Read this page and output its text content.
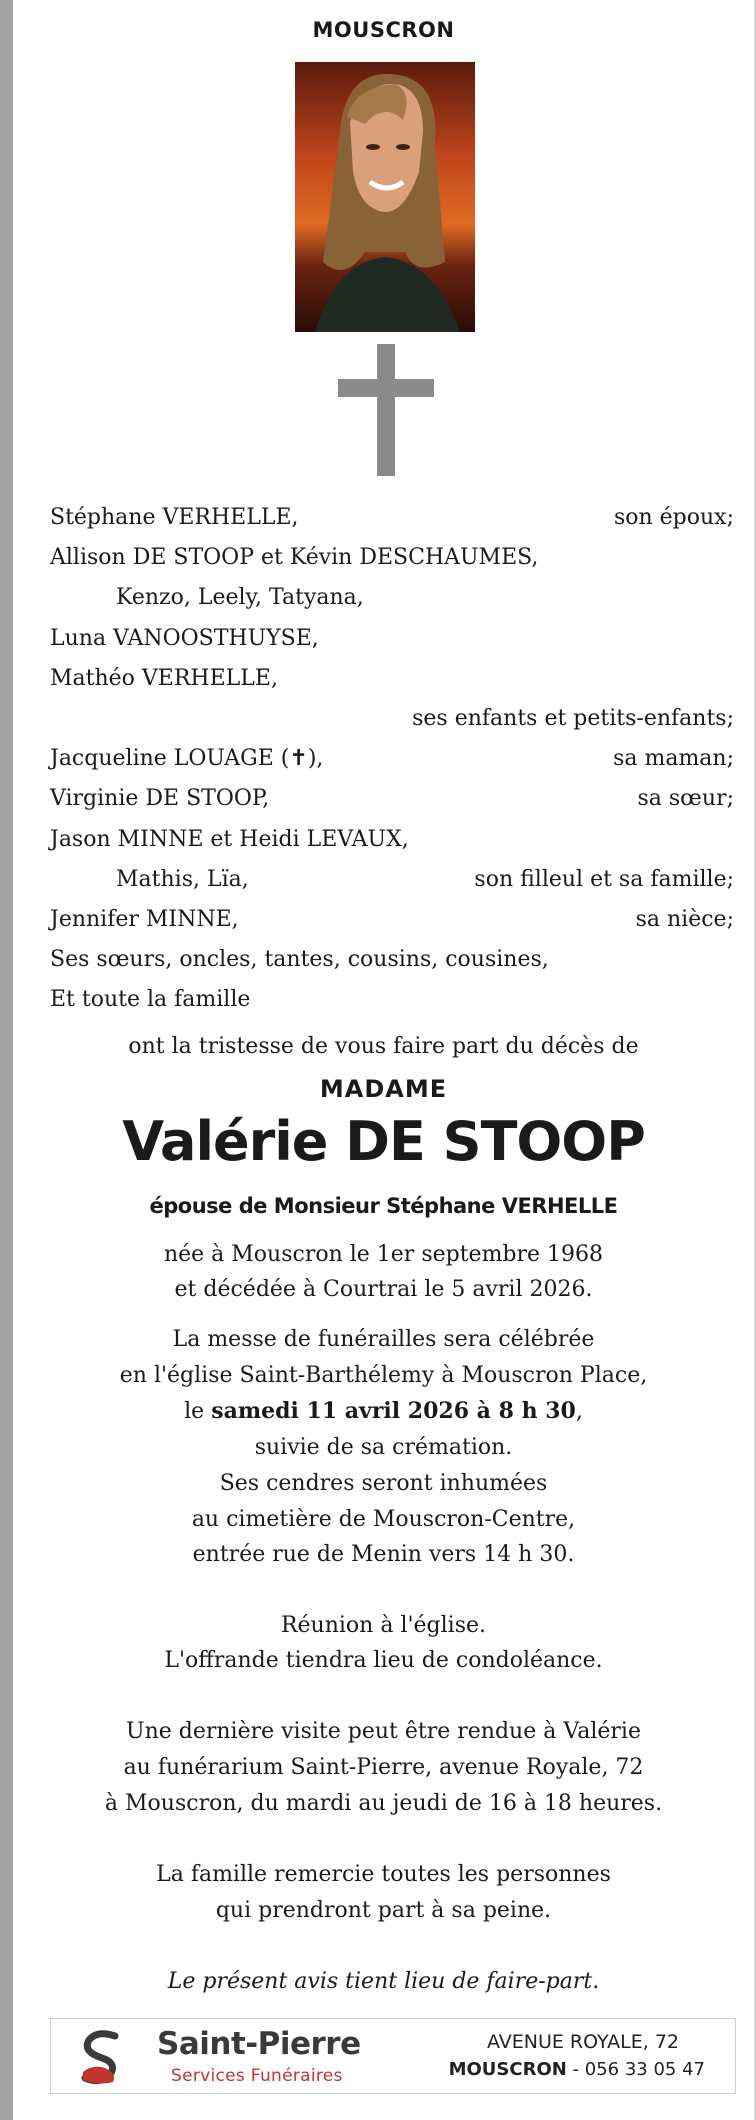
MOUSCRON
Stéphane VERHELLE,	son époux;
Allison DE STOOP et Kévin DESCHAUMES,
Kenzo, Leely, Tatyana,
Luna VANOOSTHUYSE,
Mathéo VERHELLE,
ses enfants et petits-enfants;
Jacqueline LOUAGE (✝),	sa maman;
Virginie DE STOOP,	sa sœur;
Jason MINNE et Heidi LEVAUX,
Mathis, Lïa,	son filleul et sa famille;
Jennifer MINNE,	sa nièce;
Ses sœurs, oncles, tantes, cousins, cousines,
Et toute la famille
ont la tristesse de vous faire part du décès de
MADAME
Valérie DE STOOP
épouse de Monsieur Stéphane VERHELLE
née à Mouscron le 1er septembre 1968
et décédée à Courtrai le 5 avril 2026.
La messe de funérailles sera célébrée
en l'église Saint-Barthélemy à Mouscron Place,
le samedi 11 avril 2026 à 8 h 30,
suivie de sa crémation.
Ses cendres seront inhumées
au cimetière de Mouscron-Centre,
entrée rue de Menin vers 14 h 30.
Réunion à l'église.
L'offrande tiendra lieu de condoléance.
Une dernière visite peut être rendue à Valérie
au funérarium Saint-Pierre, avenue Royale, 72
à Mouscron, du mardi au jeudi de 16 à 18 heures.
La famille remercie toutes les personnes
qui prendront part à sa peine.
Le présent avis tient lieu de faire-part.
Saint-Pierre
Services Funéraires
AVENUE ROYALE, 72
MOUSCRON - 056 33 05 47
